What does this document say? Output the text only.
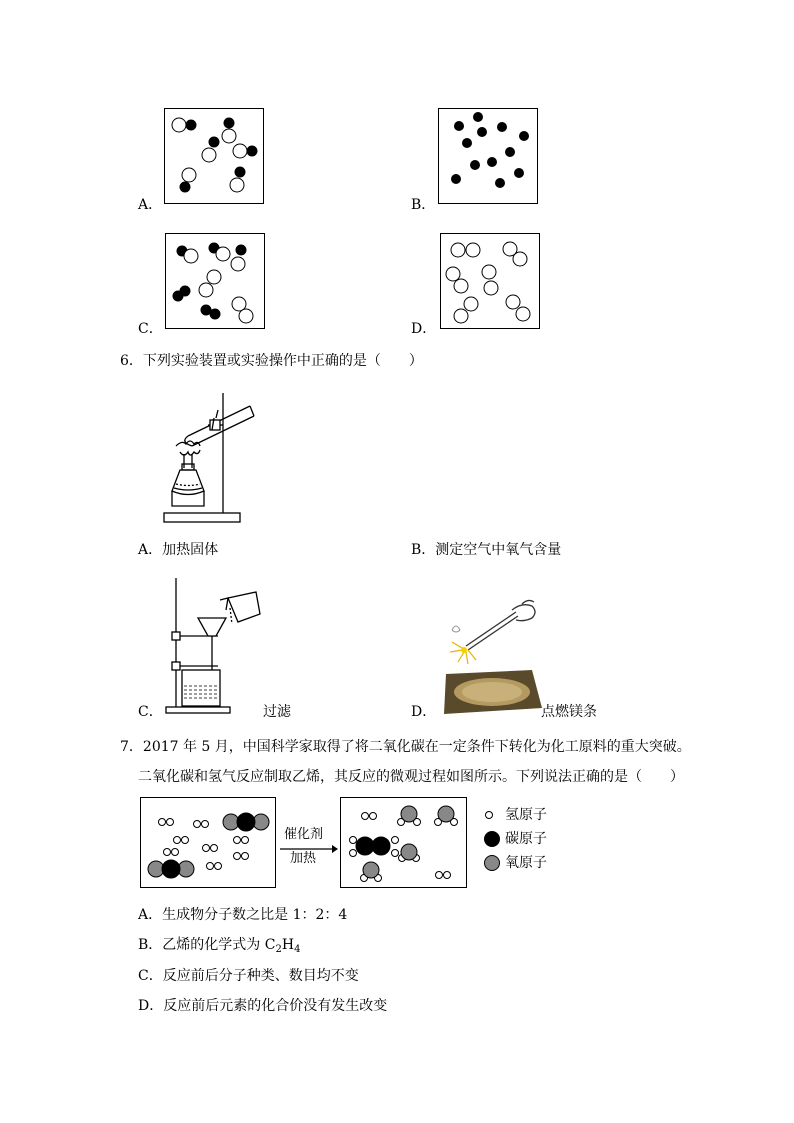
A．	B．
C．	D．
6．下列实验装置或实验操作中正确的是（　　）
A．加热固体	B．测定空气中氧气含量
C．	过滤	D．	点燃镁条
7．2017 年 5 月，中国科学家取得了将二氧化碳在一定条件下转化为化工原料的重大突破。
二氧化碳和氢气反应制取乙烯，其反应的微观过程如图所示。下列说法正确的是（　　）
催化剂
加热
氢原子
碳原子
氧原子
A．生成物分子数之比是 1：2：4
B．乙烯的化学式为 $C_2H_4$
C．反应前后分子种类、数目均不变
D．反应前后元素的化合价没有发生改变
